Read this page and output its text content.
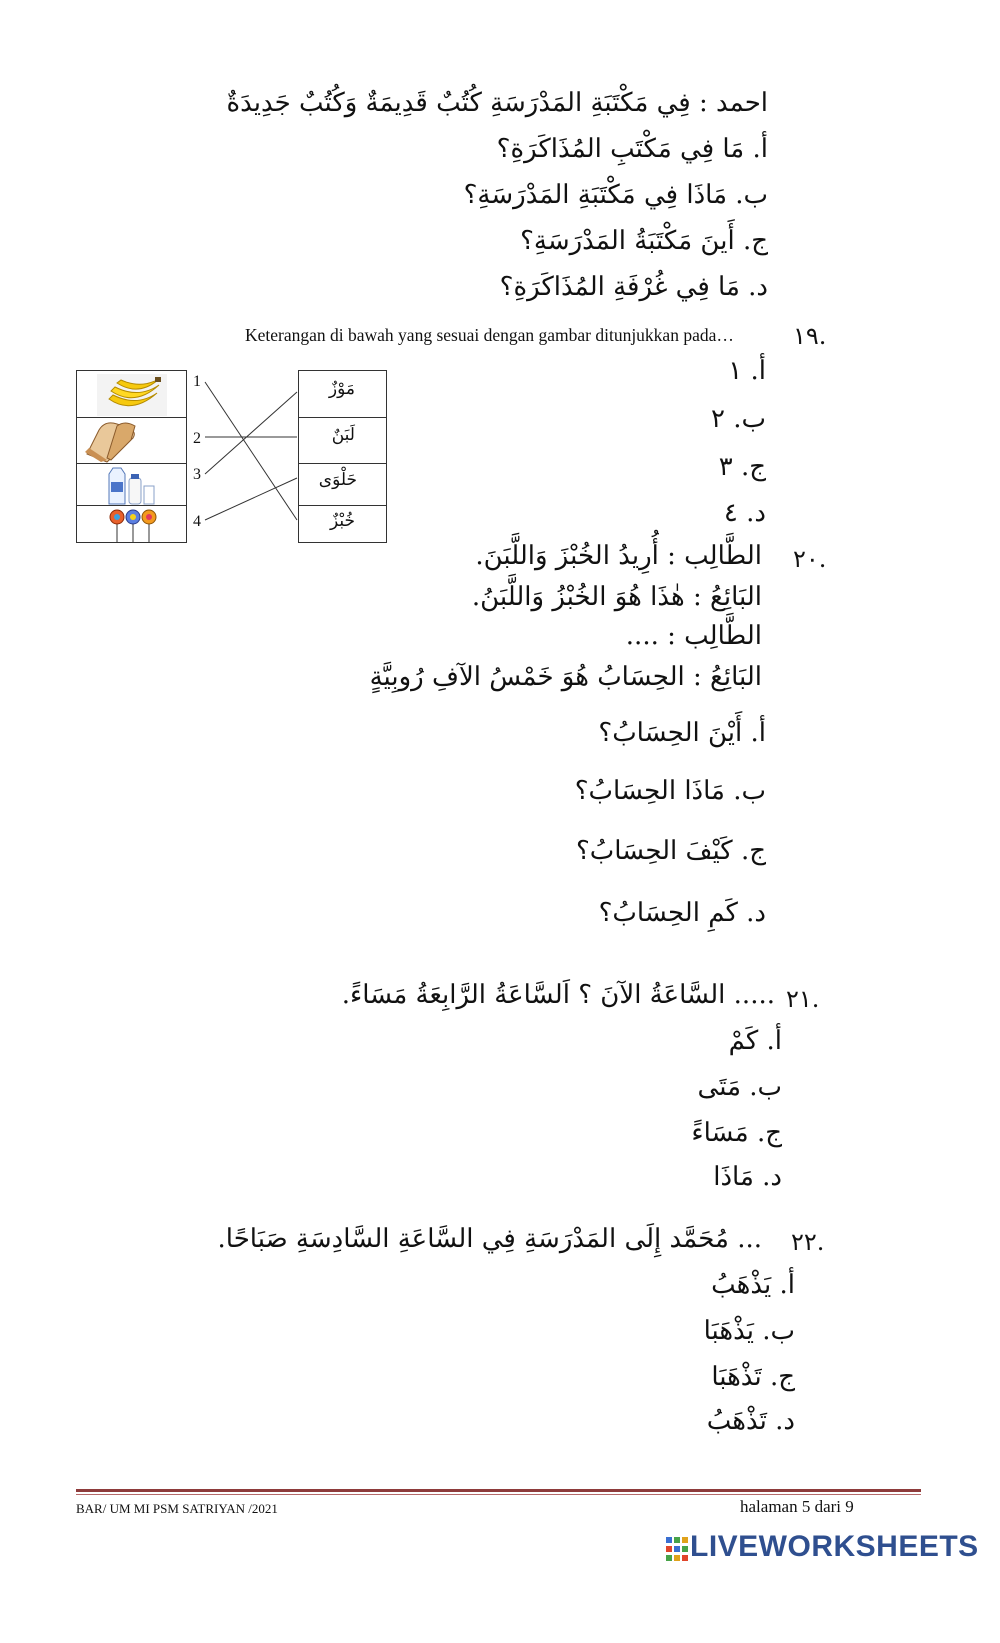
احمد : فِي مَكْتَبَةِ المَدْرَسَةِ كُتُبٌ قَدِيمَةٌ وَكُتُبٌ جَدِيدَةٌ
أ. مَا فِي مَكْتَبِ المُذَاكَرَةِ؟
ب. مَاذَا فِي مَكْتَبَةِ المَدْرَسَةِ؟
ج. أَينَ مَكْتَبَةُ المَدْرَسَةِ؟
د. مَا فِي غُرْفَةِ المُذَاكَرَةِ؟
.١٩
Keterangan di bawah yang sesuai dengan gambar ditunjukkan pada…
1
2
3
4
مَوْزٌ
لَبَنٌ
حَلْوَى
خُبْزٌ
أ. ١
ب. ٢
ج. ٣
د. ٤
.٢٠
الطَّالِب : أُرِيدُ الخُبْزَ وَاللَّبَنَ.
البَائِعُ : هٰذَا هُوَ الخُبْزُ وَاللَّبَنُ.
الطَّالِب : ....
البَائِعُ : الحِسَابُ هُوَ خَمْسُ الآفِ رُوبِيَّةٍ
أ. أَيْنَ الحِسَابُ؟
ب. مَاذَا الحِسَابُ؟
ج. كَيْفَ الحِسَابُ؟
د. كَمِ الحِسَابُ؟
.٢١
..... السَّاعَةُ الآنَ ؟ اَلسَّاعَةُ الرَّابِعَةُ مَسَاءً.
أ. كَمْ
ب. مَتَى
ج. مَسَاءً
د. مَاذَا
.٢٢
... مُحَمَّد إِلَى المَدْرَسَةِ فِي السَّاعَةِ السَّادِسَةِ صَبَاحًا.
أ. يَذْهَبُ
ب. يَذْهَبَا
ج. تَذْهَبَا
د. تَذْهَبُ
BAR/ UM MI PSM SATRIYAN /2021	halaman 5 dari 9
LIVEWORKSHEETS
